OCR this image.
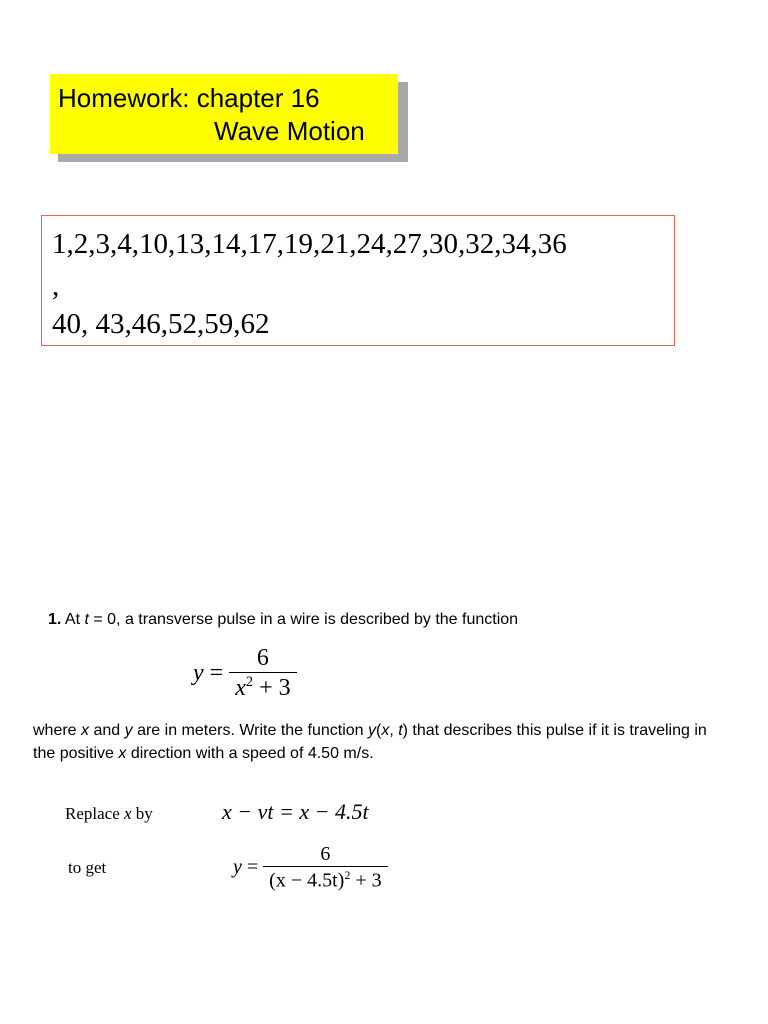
Homework: chapter 16
Wave Motion
1,2,3,4,10,13,14,17,19,21,24,27,30,32,34,36
,
40, 43,46,52,59,62
1. At t = 0, a transverse pulse in a wire is described by the function
$y = \frac{6}{x^2 + 3}$
where x and y are in meters. Write the function y(x, t) that describes this pulse if it is traveling in the positive x direction with a speed of 4.50 m/s.
Replace x by	x − vt = x − 4.5t
to get	$y = \frac{6}{(x - 4.5t)^2 + 3}$
